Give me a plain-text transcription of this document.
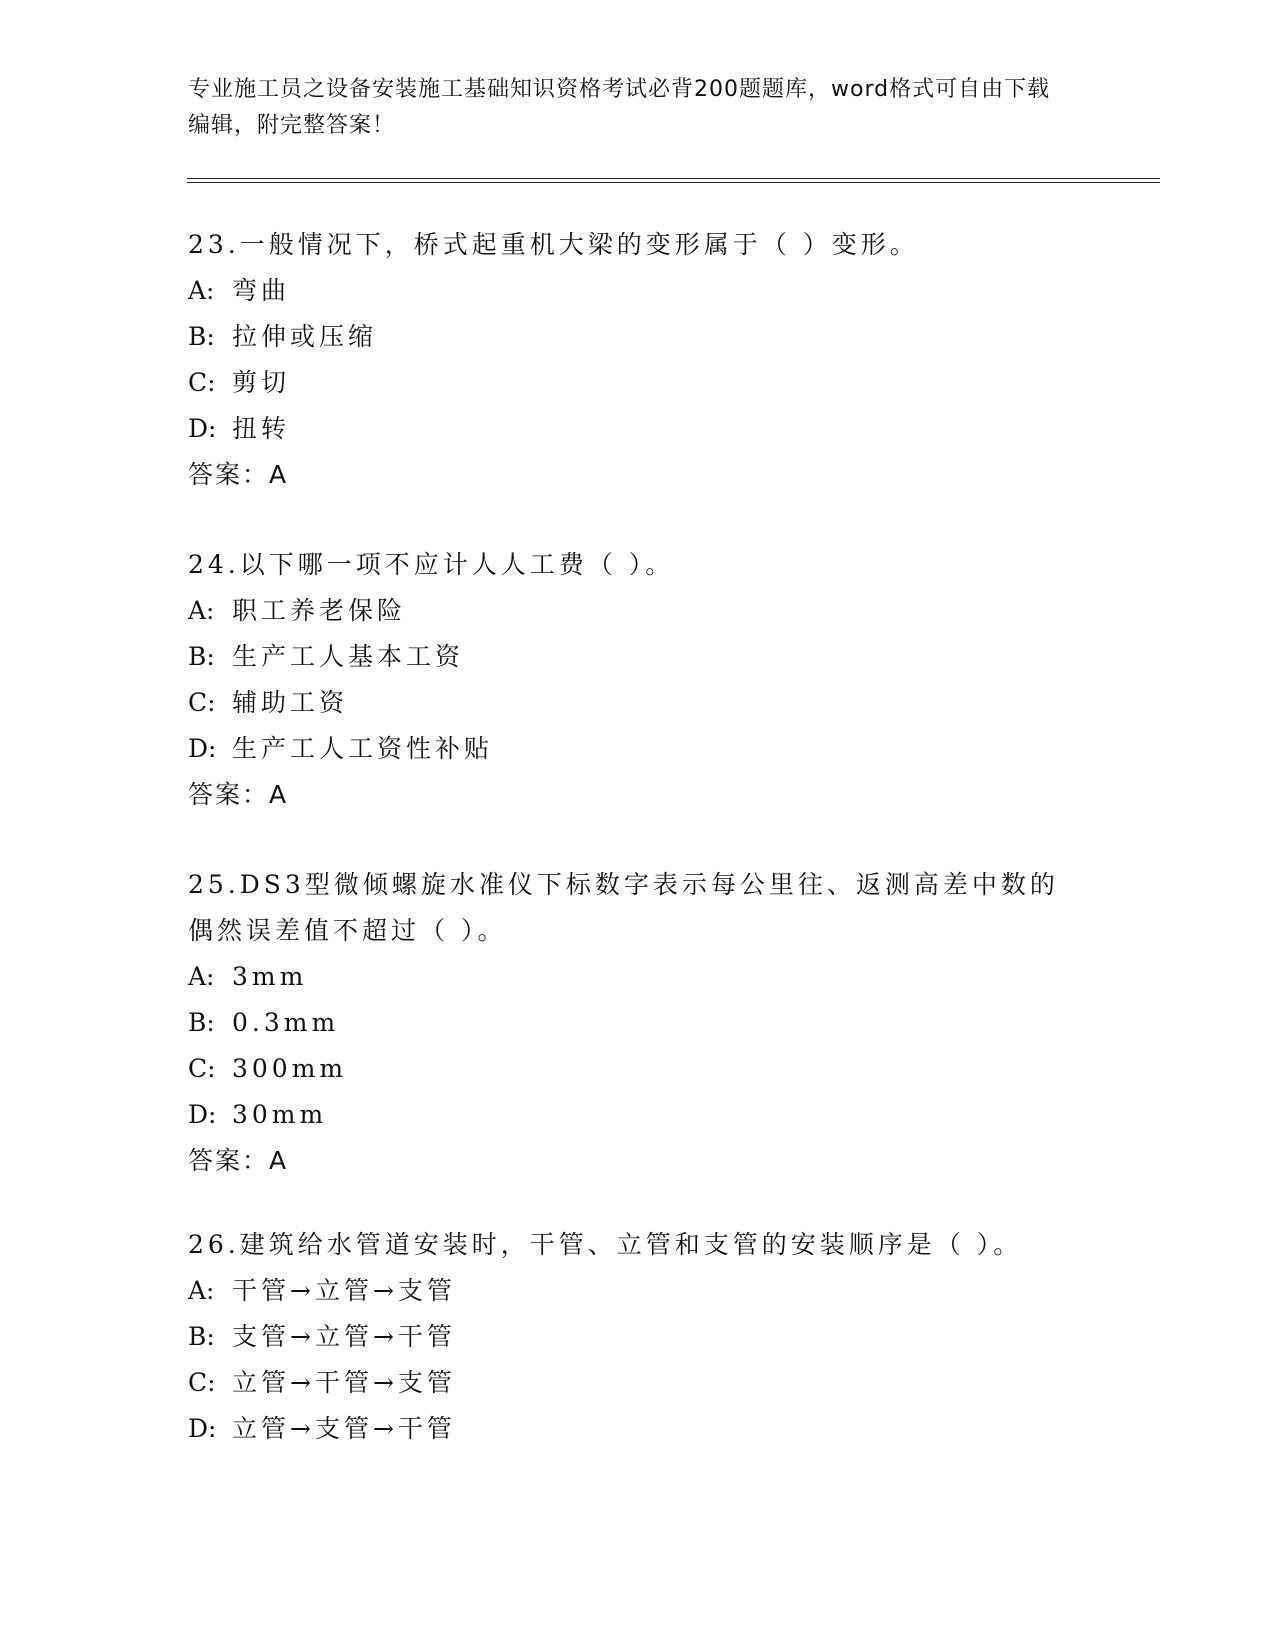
专业施工员之设备安装施工基础知识资格考试必背200题题库，word格式可自由下载编辑，附完整答案！
23.一般情况下，桥式起重机大梁的变形属于（ ）变形。
A: 弯曲
B: 拉伸或压缩
C: 剪切
D: 扭转
答案：A
24.以下哪一项不应计人人工费（ ）。
A: 职工养老保险
B: 生产工人基本工资
C: 辅助工资
D: 生产工人工资性补贴
答案：A
25.DS3型微倾螺旋水准仪下标数字表示每公里往、返测高差中数的偶然误差值不超过（ ）。
A: 3mm
B: 0.3mm
C: 300mm
D: 30mm
答案：A
26.建筑给水管道安装时，干管、立管和支管的安装顺序是（ ）。
A: 干管→立管→支管
B: 支管→立管→干管
C: 立管→干管→支管
D: 立管→支管→干管
